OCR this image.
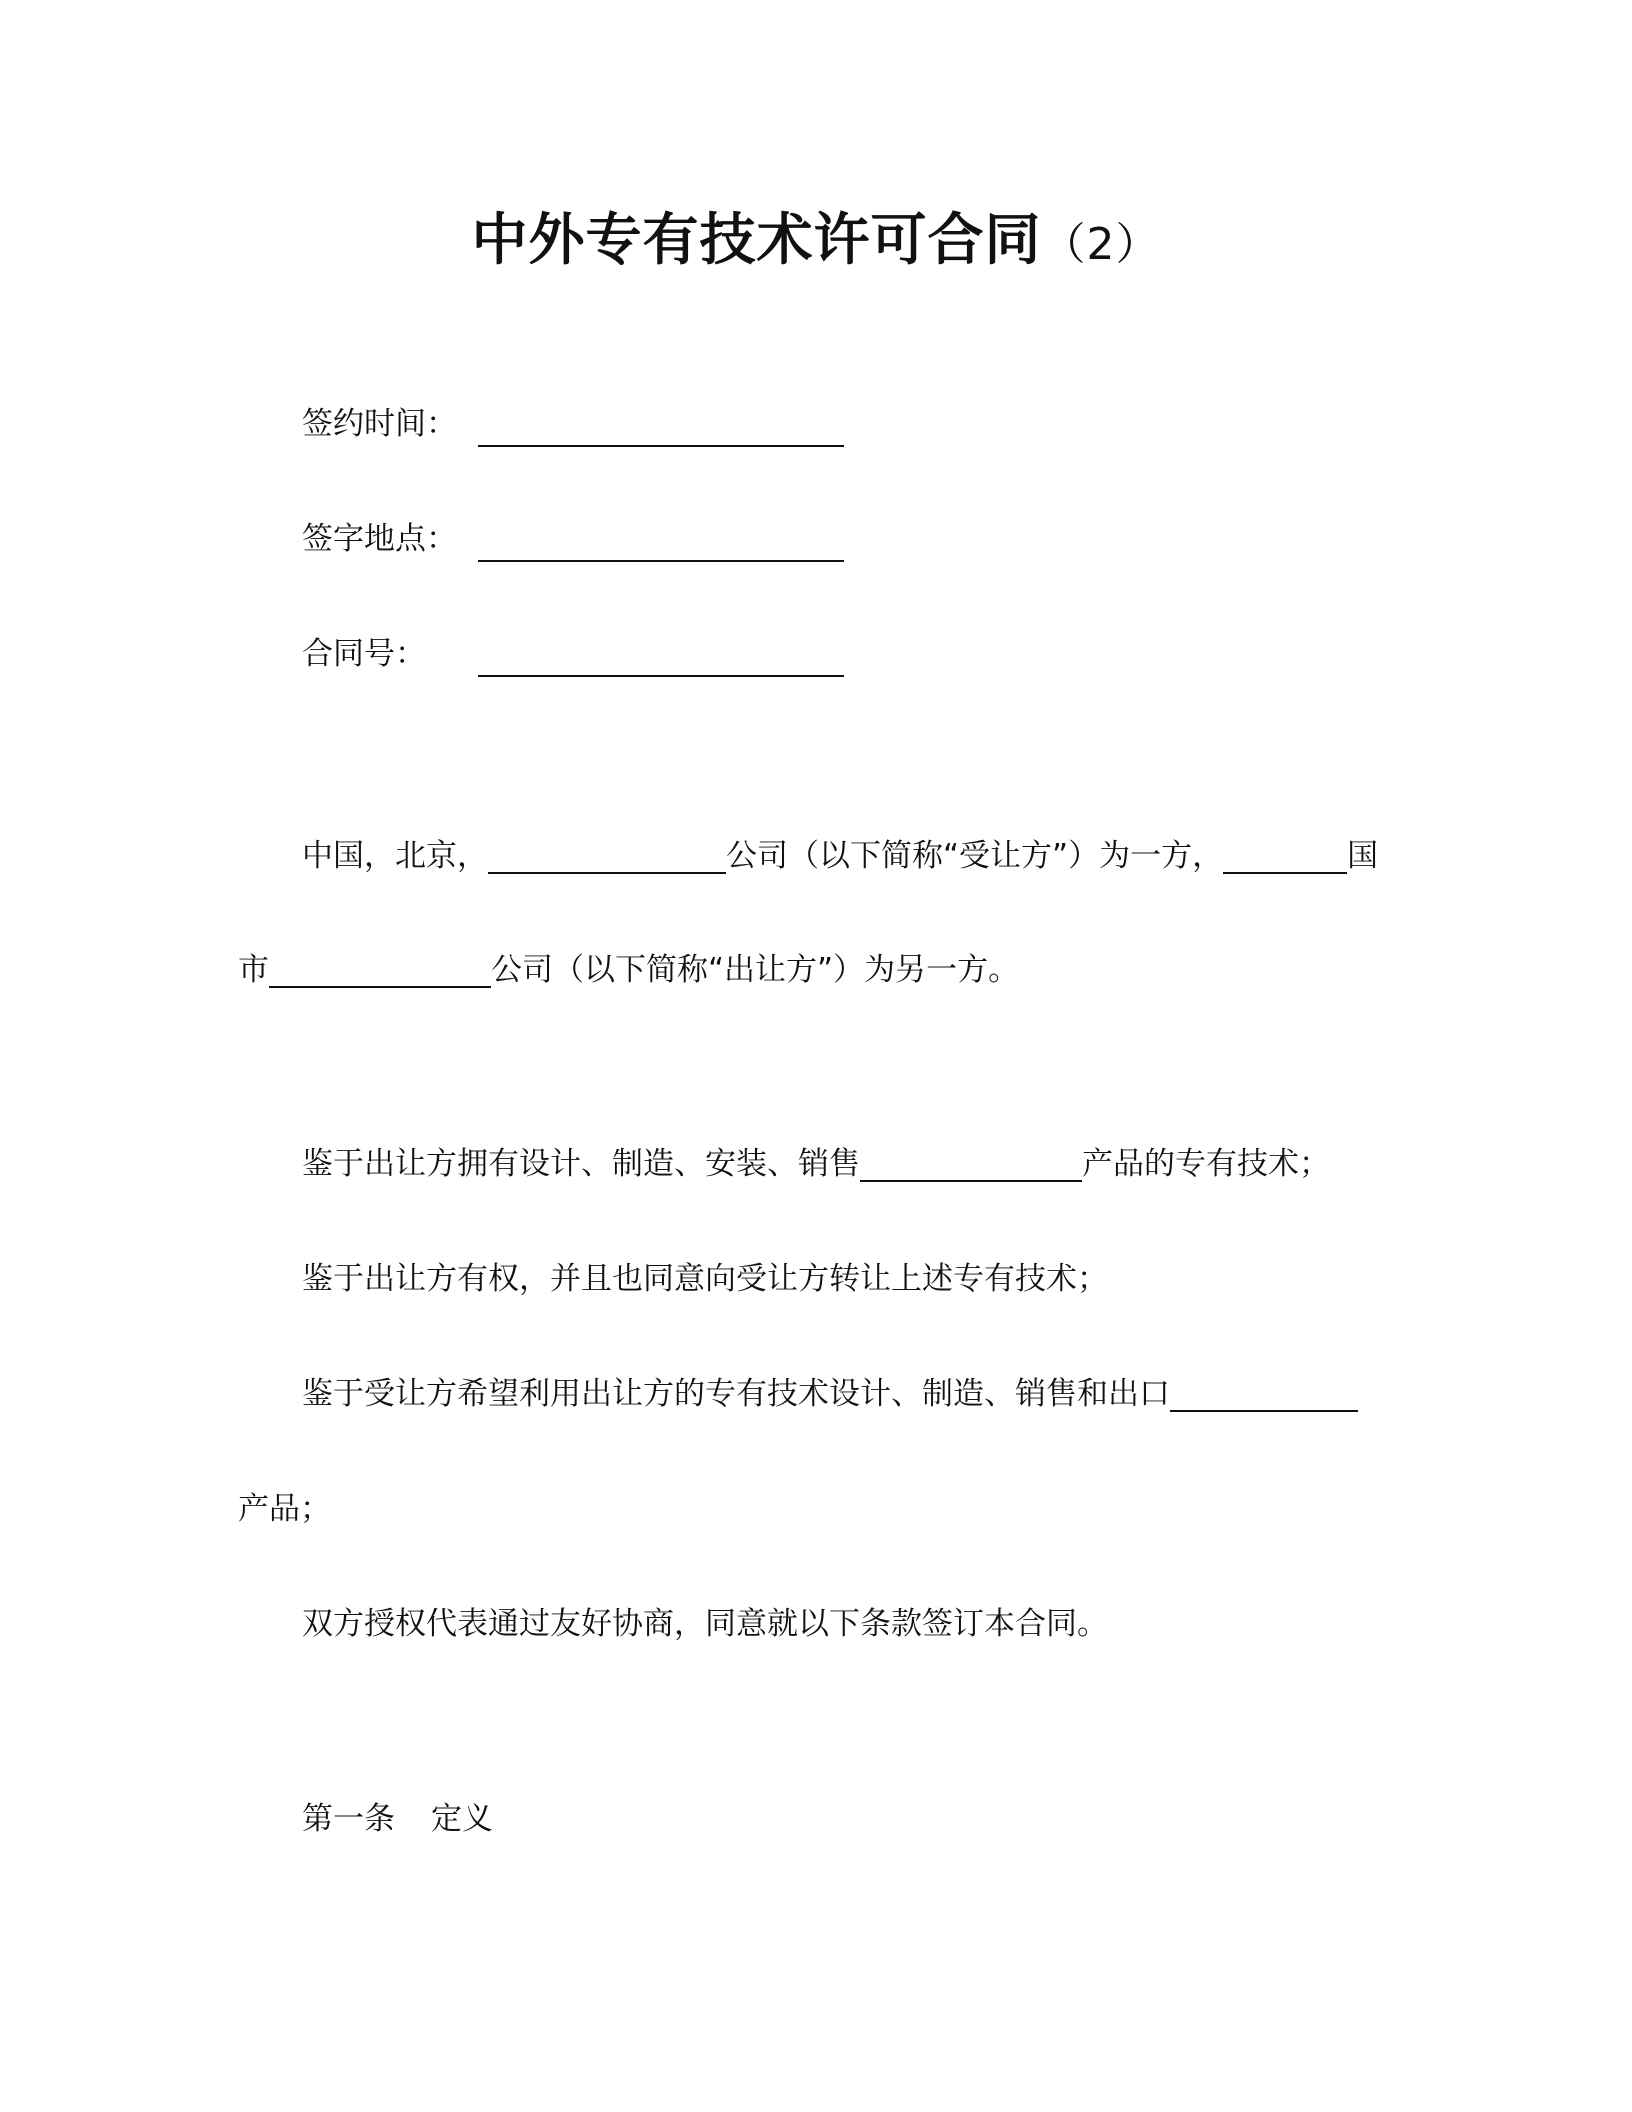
中外专有技术许可合同（2）
签约时间：
签字地点：
合同号：
中国，北京，	公司（以下简称“受让方”）为一方，	国
市	公司（以下简称“出让方”）为另一方。
鉴于出让方拥有设计、制造、安装、销售	产品的专有技术；
鉴于出让方有权，并且也同意向受让方转让上述专有技术；
鉴于受让方希望利用出让方的专有技术设计、制造、销售和出口
产品；
双方授权代表通过友好协商，同意就以下条款签订本合同。
第一条 定义
